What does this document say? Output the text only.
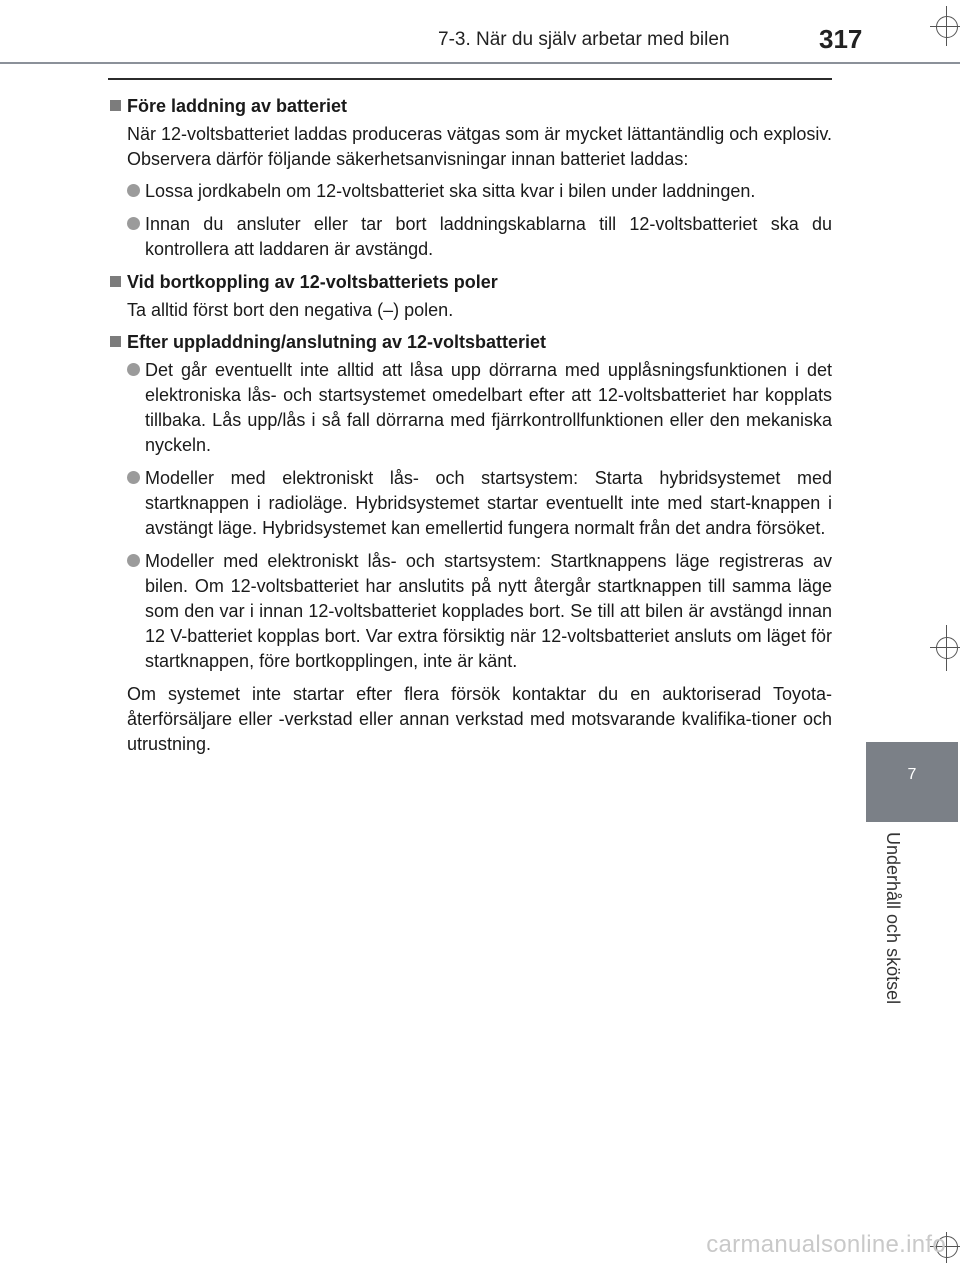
7-3. När du själv arbetar med bilen	317
Före laddning av batteriet
När 12-voltsbatteriet laddas produceras vätgas som är mycket lättantändlig och explosiv. Observera därför följande säkerhetsanvisningar innan batteriet laddas:
Lossa jordkabeln om 12-voltsbatteriet ska sitta kvar i bilen under laddningen.
Innan du ansluter eller tar bort laddningskablarna till 12-voltsbatteriet ska du kontrollera att laddaren är avstängd.
Vid bortkoppling av 12-voltsbatteriets poler
Ta alltid först bort den negativa (–) polen.
Efter uppladdning/anslutning av 12-voltsbatteriet
Det går eventuellt inte alltid att låsa upp dörrarna med upplåsningsfunktionen i det elektroniska lås- och startsystemet omedelbart efter att 12-voltsbatteriet har kopplats tillbaka. Lås upp/lås i så fall dörrarna med fjärrkontrollfunktionen eller den mekaniska nyckeln.
Modeller med elektroniskt lås- och startsystem: Starta hybridsystemet med startknappen i radioläge. Hybridsystemet startar eventuellt inte med start-knappen i avstängt läge. Hybridsystemet kan emellertid fungera normalt från det andra försöket.
Modeller med elektroniskt lås- och startsystem: Startknappens läge registreras av bilen. Om 12-voltsbatteriet har anslutits på nytt återgår startknappen till samma läge som den var i innan 12-voltsbatteriet kopplades bort. Se till att bilen är avstängd innan 12 V-batteriet kopplas bort. Var extra försiktig när 12-voltsbatteriet ansluts om läget för startknappen, före bortkopplingen, inte är känt.
Om systemet inte startar efter flera försök kontaktar du en auktoriserad Toyota-återförsäljare eller -verkstad eller annan verkstad med motsvarande kvalifika-tioner och utrustning.
7
Underhåll och skötsel
carmanualsonline.info
